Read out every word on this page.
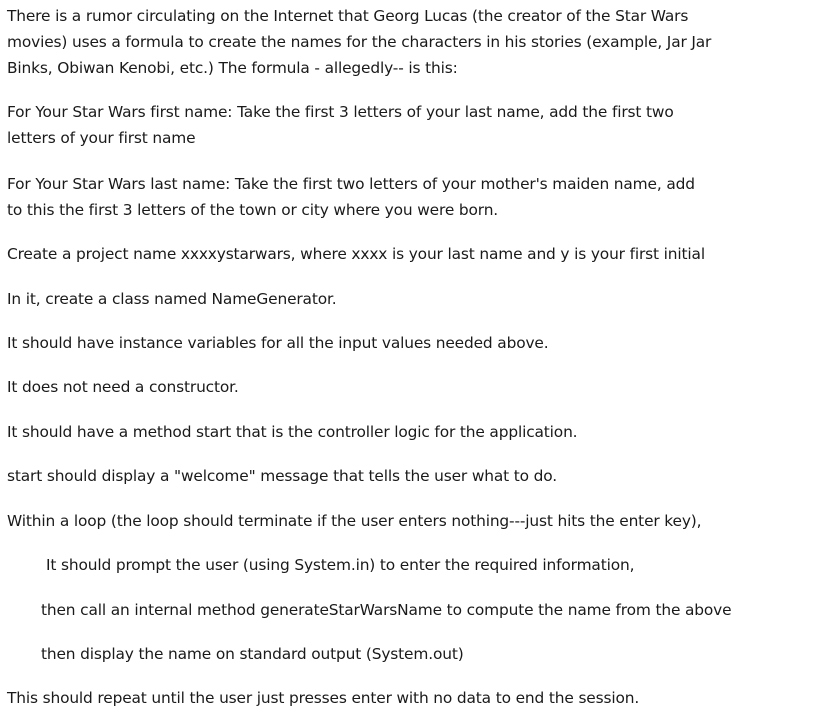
There is a rumor circulating on the Internet that Georg Lucas (the creator of the Star Wars
movies) uses a formula to create the names for the characters in his stories (example, Jar Jar
Binks, Obiwan Kenobi, etc.) The formula - allegedly-- is this:

For Your Star Wars first name: Take the first 3 letters of your last name, add the first two
letters of your first name

For Your Star Wars last name: Take the first two letters of your mother's maiden name, add
to this the first 3 letters of the town or city where you were born.

Create a project name xxxxystarwars, where xxxx is your last name and y is your first initial

In it, create a class named NameGenerator.

It should have instance variables for all the input values needed above.

It does not need a constructor.

It should have a method start that is the controller logic for the application.

start should display a "welcome" message that tells the user what to do.

Within a loop (the loop should terminate if the user enters nothing---just hits the enter key),

It should prompt the user (using System.in) to enter the required information,

then call an internal method generateStarWarsName to compute the name from the above

then display the name on standard output (System.out)

This should repeat until the user just presses enter with no data to end the session.
